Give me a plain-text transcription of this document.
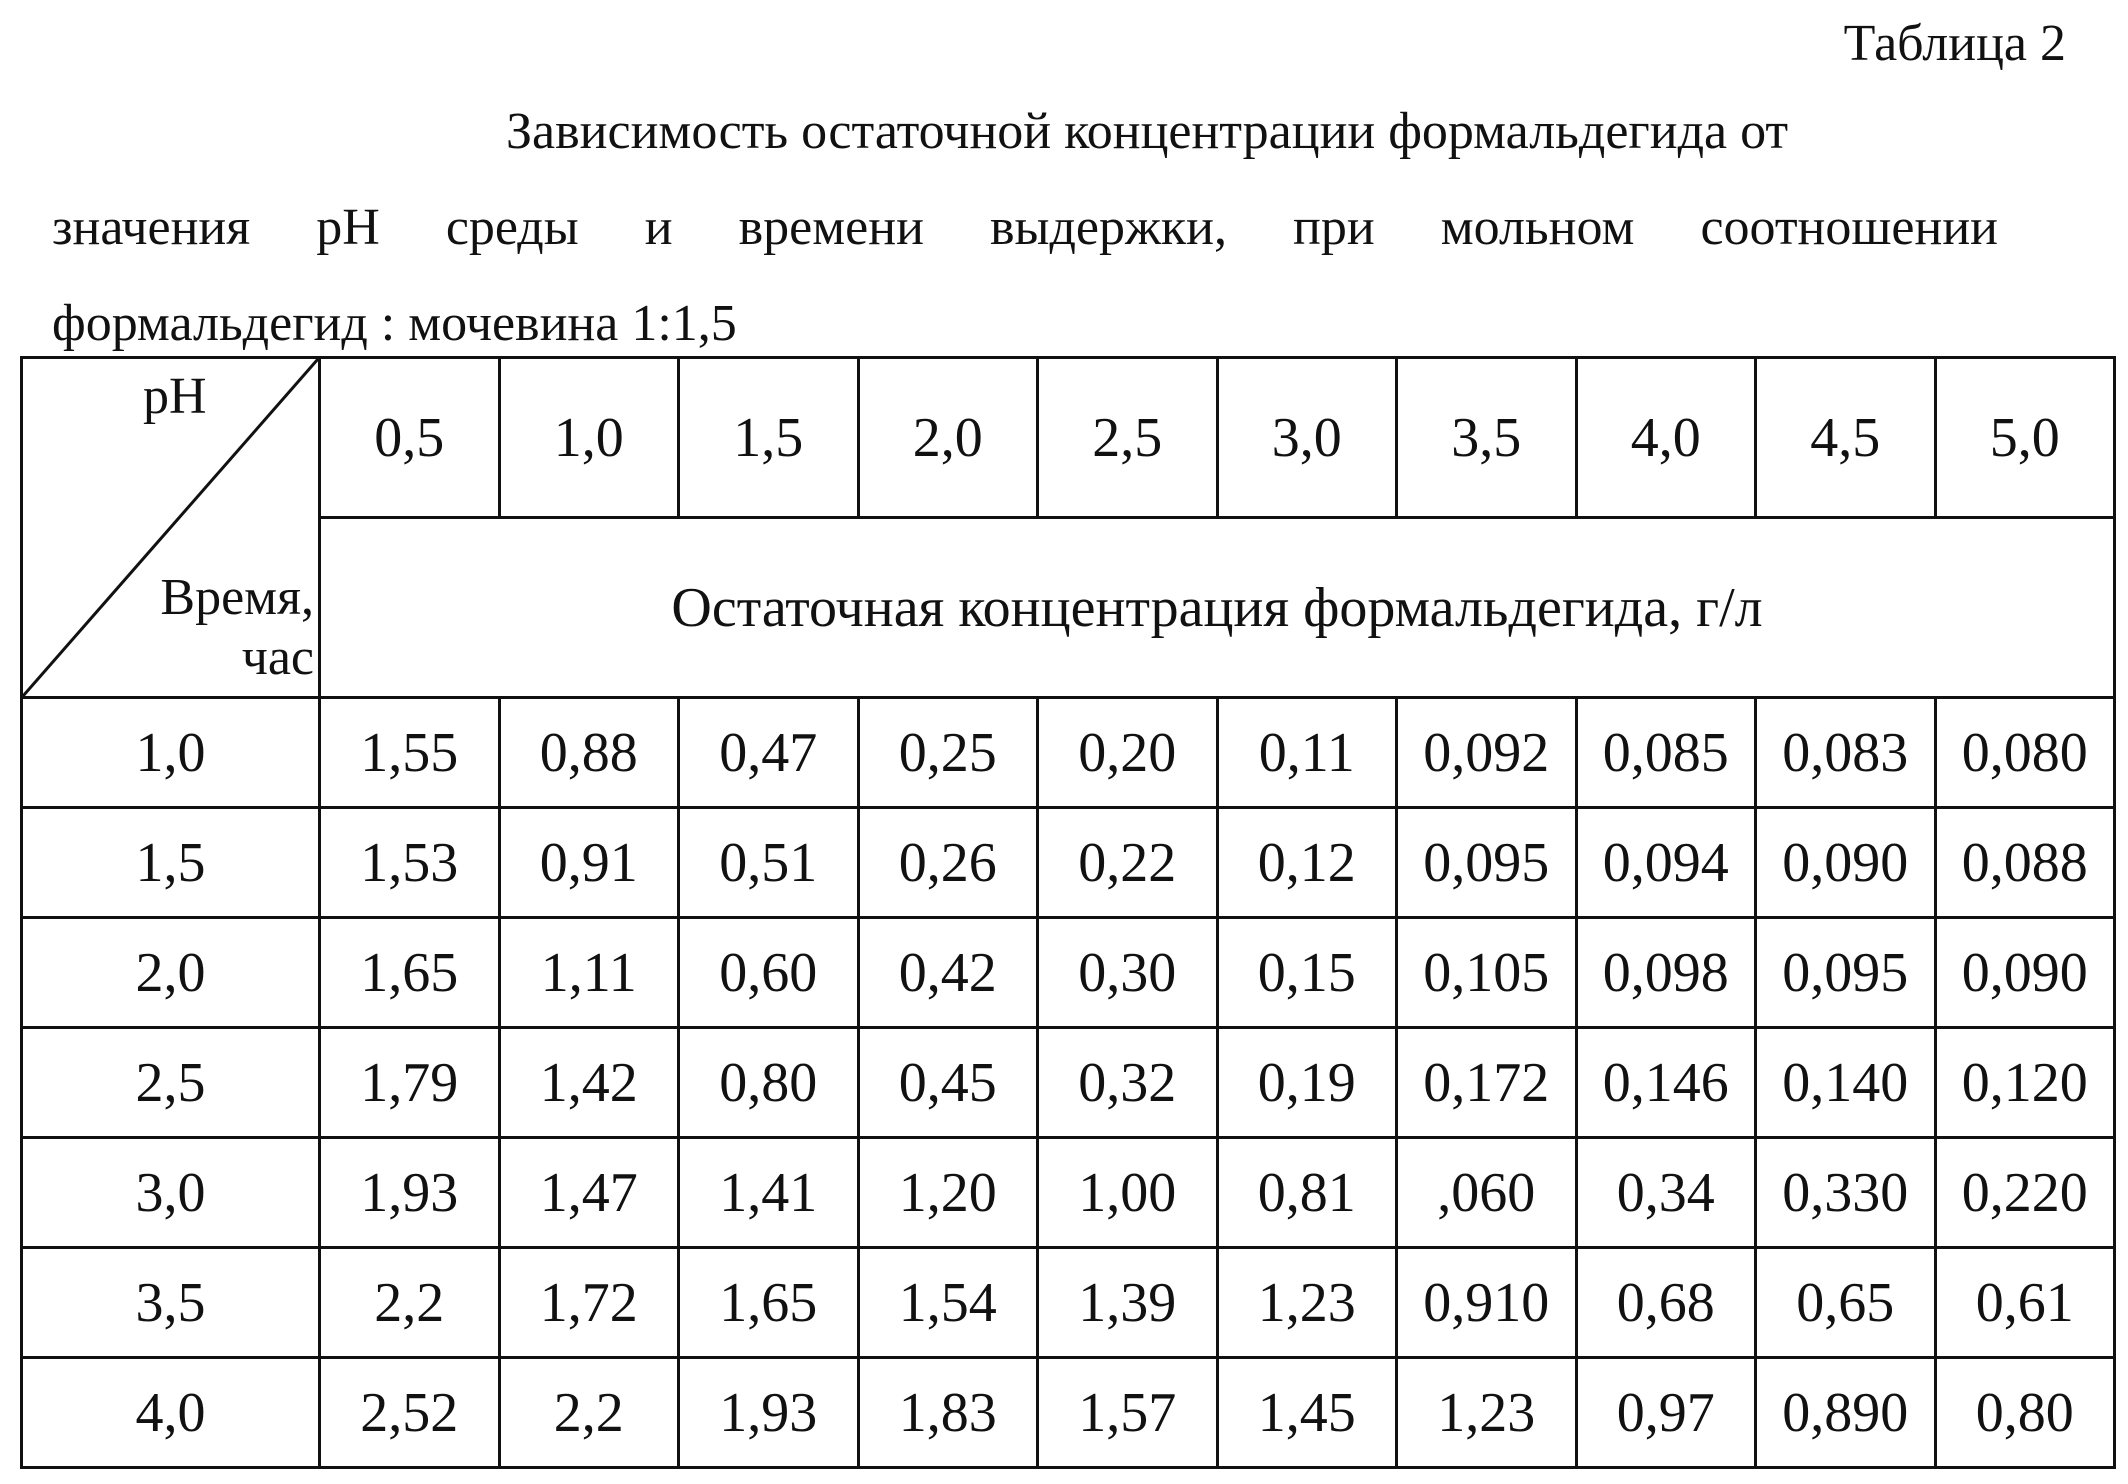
Таблица 2
Зависимость остаточной концентрации формальдегида от
значения рН среды и времени выдержки, при мольном соотношении
формальдегид : мочевина 1:1,5
рН
Время,
час	0,5	1,0	1,5	2,0	2,5	3,0	3,5	4,0	4,5	5,0
	Остаточная концентрация формальдегида, г/л									
1,0	1,55	0,88	0,47	0,25	0,20	0,11	0,092	0,085	0,083	0,080
1,5	1,53	0,91	0,51	0,26	0,22	0,12	0,095	0,094	0,090	0,088
2,0	1,65	1,11	0,60	0,42	0,30	0,15	0,105	0,098	0,095	0,090
2,5	1,79	1,42	0,80	0,45	0,32	0,19	0,172	0,146	0,140	0,120
3,0	1,93	1,47	1,41	1,20	1,00	0,81	,060	0,34	0,330	0,220
3,5	2,2	1,72	1,65	1,54	1,39	1,23	0,910	0,68	0,65	0,61
4,0	2,52	2,2	1,93	1,83	1,57	1,45	1,23	0,97	0,890	0,80
